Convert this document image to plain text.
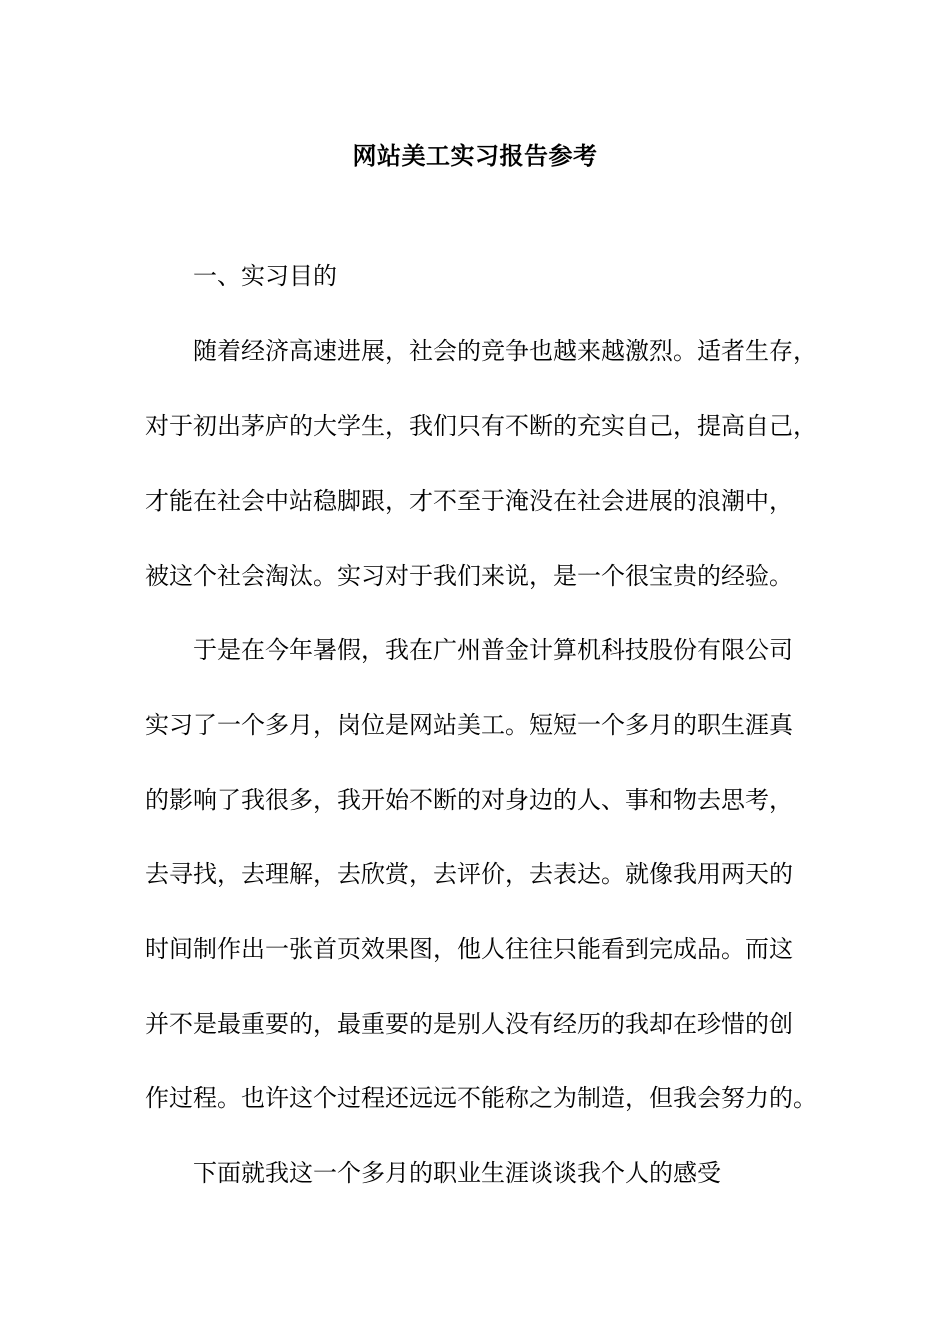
网站美工实习报告参考
一、实习目的
随着经济高速进展，社会的竞争也越来越激烈。适者生存，
对于初出茅庐的大学生，我们只有不断的充实自己，提高自己，
才能在社会中站稳脚跟，才不至于淹没在社会进展的浪潮中，
被这个社会淘汰。实习对于我们来说，是一个很宝贵的经验。
于是在今年暑假，我在广州普金计算机科技股份有限公司
实习了一个多月，岗位是网站美工。短短一个多月的职生涯真
的影响了我很多，我开始不断的对身边的人、事和物去思考，
去寻找，去理解，去欣赏，去评价，去表达。就像我用两天的
时间制作出一张首页效果图，他人往往只能看到完成品。而这
并不是最重要的，最重要的是别人没有经历的我却在珍惜的创
作过程。也许这个过程还远远不能称之为制造，但我会努力的。
下面就我这一个多月的职业生涯谈谈我个人的感受
